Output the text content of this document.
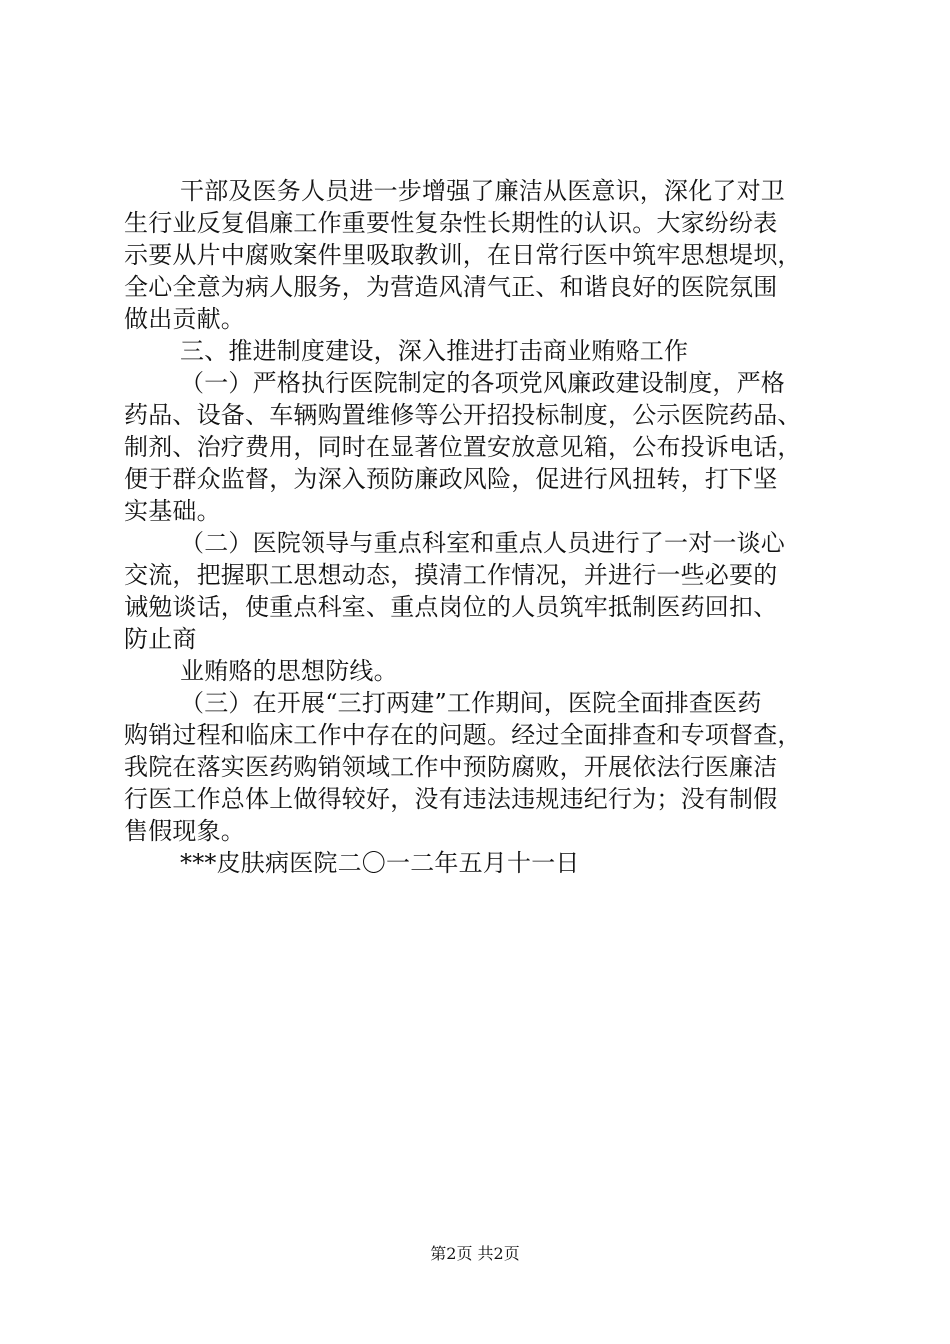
干部及医务人员进一步增强了廉洁从医意识，深化了对卫
生行业反复倡廉工作重要性复杂性长期性的认识。大家纷纷表
示要从片中腐败案件里吸取教训，在日常行医中筑牢思想堤坝，
全心全意为病人服务，为营造风清气正、和谐良好的医院氛围
做出贡献。
三、推进制度建设，深入推进打击商业贿赂工作
（一）严格执行医院制定的各项党风廉政建设制度，严格
药品、设备、车辆购置维修等公开招投标制度，公示医院药品、
制剂、治疗费用，同时在显著位置安放意见箱，公布投诉电话，
便于群众监督，为深入预防廉政风险，促进行风扭转，打下坚
实基础。
（二）医院领导与重点科室和重点人员进行了一对一谈心
交流，把握职工思想动态，摸清工作情况，并进行一些必要的
诫勉谈话，使重点科室、重点岗位的人员筑牢抵制医药回扣、
防止商
业贿赂的思想防线。
（三）在开展“三打两建”工作期间，医院全面排查医药
购销过程和临床工作中存在的问题。经过全面排查和专项督查，
我院在落实医药购销领域工作中预防腐败，开展依法行医廉洁
行医工作总体上做得较好，没有违法违规违纪行为；没有制假
售假现象。
***皮肤病医院二〇一二年五月十一日
第2页 共2页
